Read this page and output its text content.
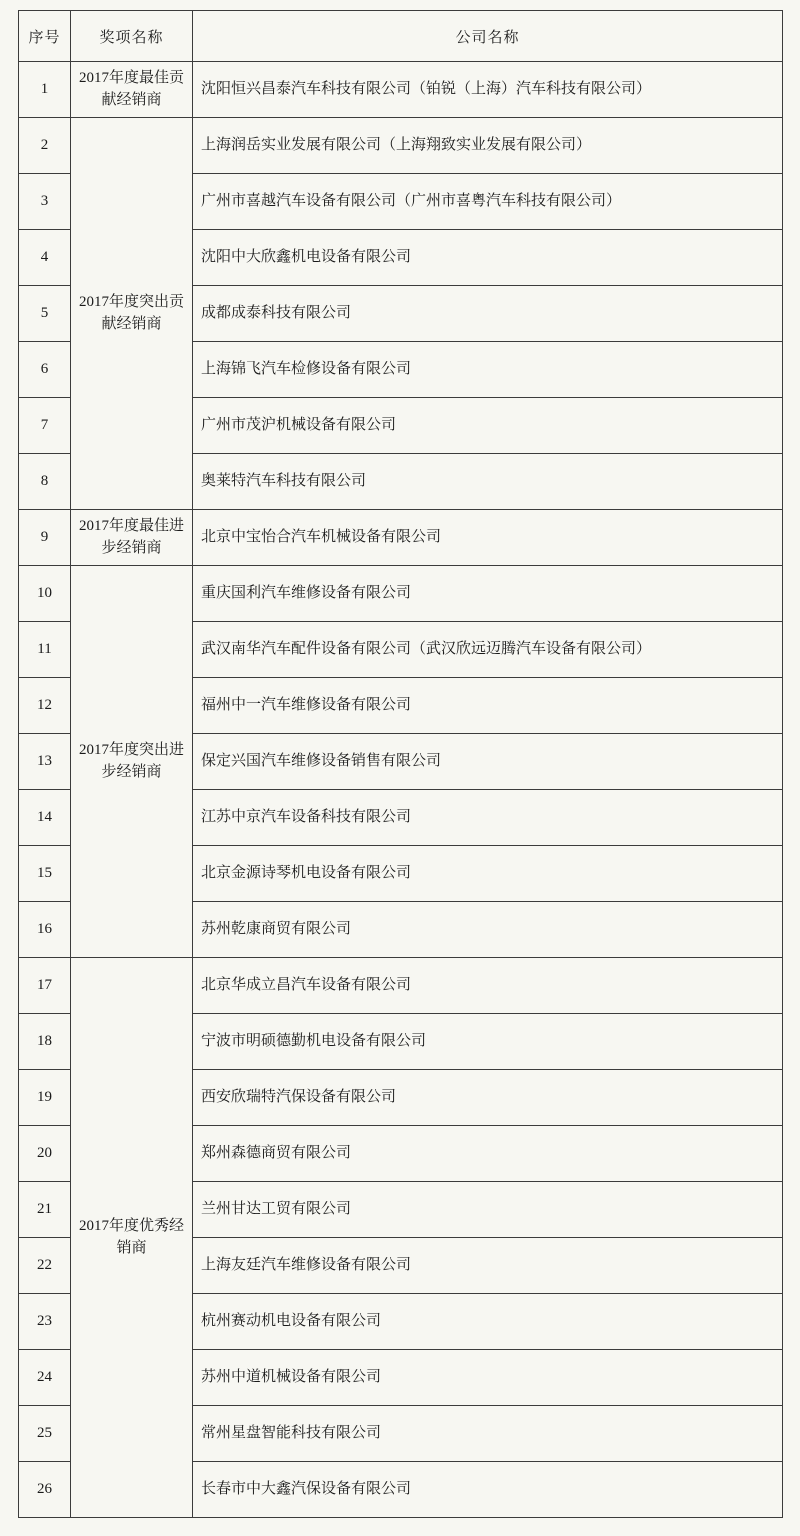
序号	奖项名称	公司名称
1	2017年度最佳贡献经销商	沈阳恒兴昌泰汽车科技有限公司（铂锐（上海）汽车科技有限公司）
2	2017年度突出贡献经销商	上海润岳实业发展有限公司（上海翔致实业发展有限公司）
3		广州市喜越汽车设备有限公司（广州市喜粤汽车科技有限公司）
4		沈阳中大欣鑫机电设备有限公司
5		成都成泰科技有限公司
6		上海锦飞汽车检修设备有限公司
7		广州市茂沪机械设备有限公司
8		奥莱特汽车科技有限公司
9	2017年度最佳进步经销商	北京中宝怡合汽车机械设备有限公司
10	2017年度突出进步经销商	重庆国利汽车维修设备有限公司
11		武汉南华汽车配件设备有限公司（武汉欣远迈腾汽车设备有限公司）
12		福州中一汽车维修设备有限公司
13		保定兴国汽车维修设备销售有限公司
14		江苏中京汽车设备科技有限公司
15		北京金源诗琴机电设备有限公司
16		苏州乾康商贸有限公司
17	2017年度优秀经销商	北京华成立昌汽车设备有限公司
18		宁波市明硕德勤机电设备有限公司
19		西安欣瑞特汽保设备有限公司
20		郑州森德商贸有限公司
21		兰州甘达工贸有限公司
22		上海友廷汽车维修设备有限公司
23		杭州赛动机电设备有限公司
24		苏州中道机械设备有限公司
25		常州星盘智能科技有限公司
26		长春市中大鑫汽保设备有限公司
